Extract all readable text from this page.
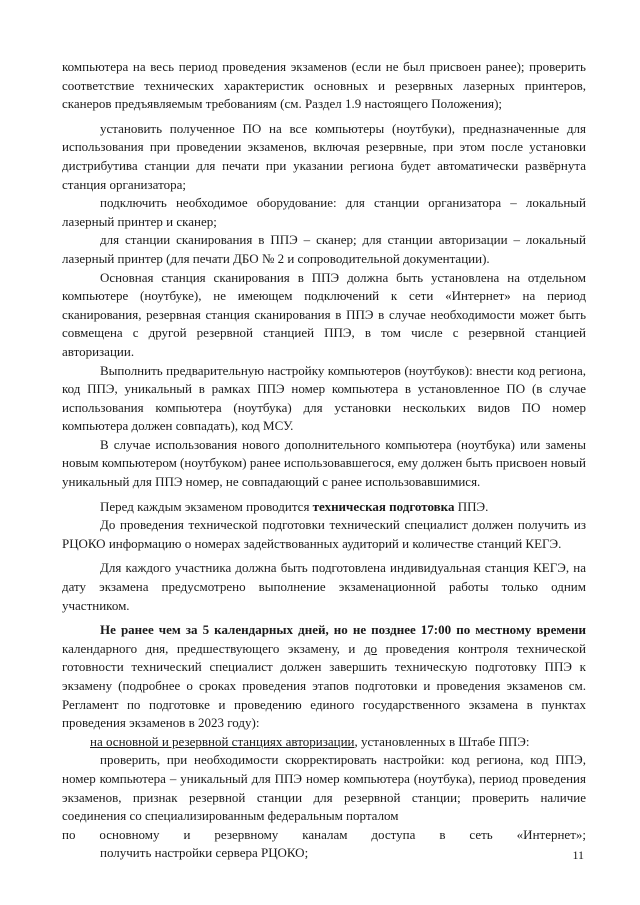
компьютера на весь период проведения экзаменов (если не был присвоен ранее); проверить соответствие технических характеристик основных и резервных лазерных принтеров, сканеров предъявляемым требованиям (см. Раздел 1.9 настоящего Положения);

установить полученное ПО на все компьютеры (ноутбуки), предназначенные для использования при проведении экзаменов, включая резервные, при этом после установки дистрибутива станции для печати при указании региона будет автоматически развёрнута станция организатора;

подключить необходимое оборудование: для станции организатора – локальный лазерный принтер и сканер;

для станции сканирования в ППЭ – сканер; для станции авторизации – локальный лазерный принтер (для печати ДБО № 2 и сопроводительной документации).

Основная станция сканирования в ППЭ должна быть установлена на отдельном компьютере (ноутбуке), не имеющем подключений к сети «Интернет» на период сканирования, резервная станция сканирования в ППЭ в случае необходимости может быть совмещена с другой резервной станцией ППЭ, в том числе с резервной станцией авторизации.

Выполнить предварительную настройку компьютеров (ноутбуков): внести код региона, код ППЭ, уникальный в рамках ППЭ номер компьютера в установленное ПО (в случае использования компьютера (ноутбука) для установки нескольких видов ПО номер компьютера должен совпадать), код МСУ.

В случае использования нового дополнительного компьютера (ноутбука) или замены новым компьютером (ноутбуком) ранее использовавшегося, ему должен быть присвоен новый уникальный для ППЭ номер, не совпадающий с ранее использовавшимися.

Перед каждым экзаменом проводится техническая подготовка ППЭ.

До проведения технической подготовки технический специалист должен получить из РЦОКО информацию о номерах задействованных аудиторий и количестве станций КЕГЭ.

Для каждого участника должна быть подготовлена индивидуальная станция КЕГЭ, на дату экзамена предусмотрено выполнение экзаменационной работы только одним участником.

Не ранее чем за 5 календарных дней, но не позднее 17:00 по местному времени календарного дня, предшествующего экзамену, и до проведения контроля технической готовности технический специалист должен завершить техническую подготовку ППЭ к экзамену (подробнее о сроках проведения этапов подготовки и проведения экзаменов см. Регламент по подготовке и проведению единого государственного экзамена в пунктах проведения экзаменов в 2023 году):

на основной и резервной станциях авторизации, установленных в Штабе ППЭ:

проверить, при необходимости скорректировать настройки: код региона, код ППЭ, номер компьютера – уникальный для ППЭ номер компьютера (ноутбука), период проведения экзаменов, признак резервной станции для резервной станции; проверить наличие соединения со специализированным федеральным порталом

по основному и резервному каналам доступа в сеть «Интернет»;

получить настройки сервера РЦОКО;	11
